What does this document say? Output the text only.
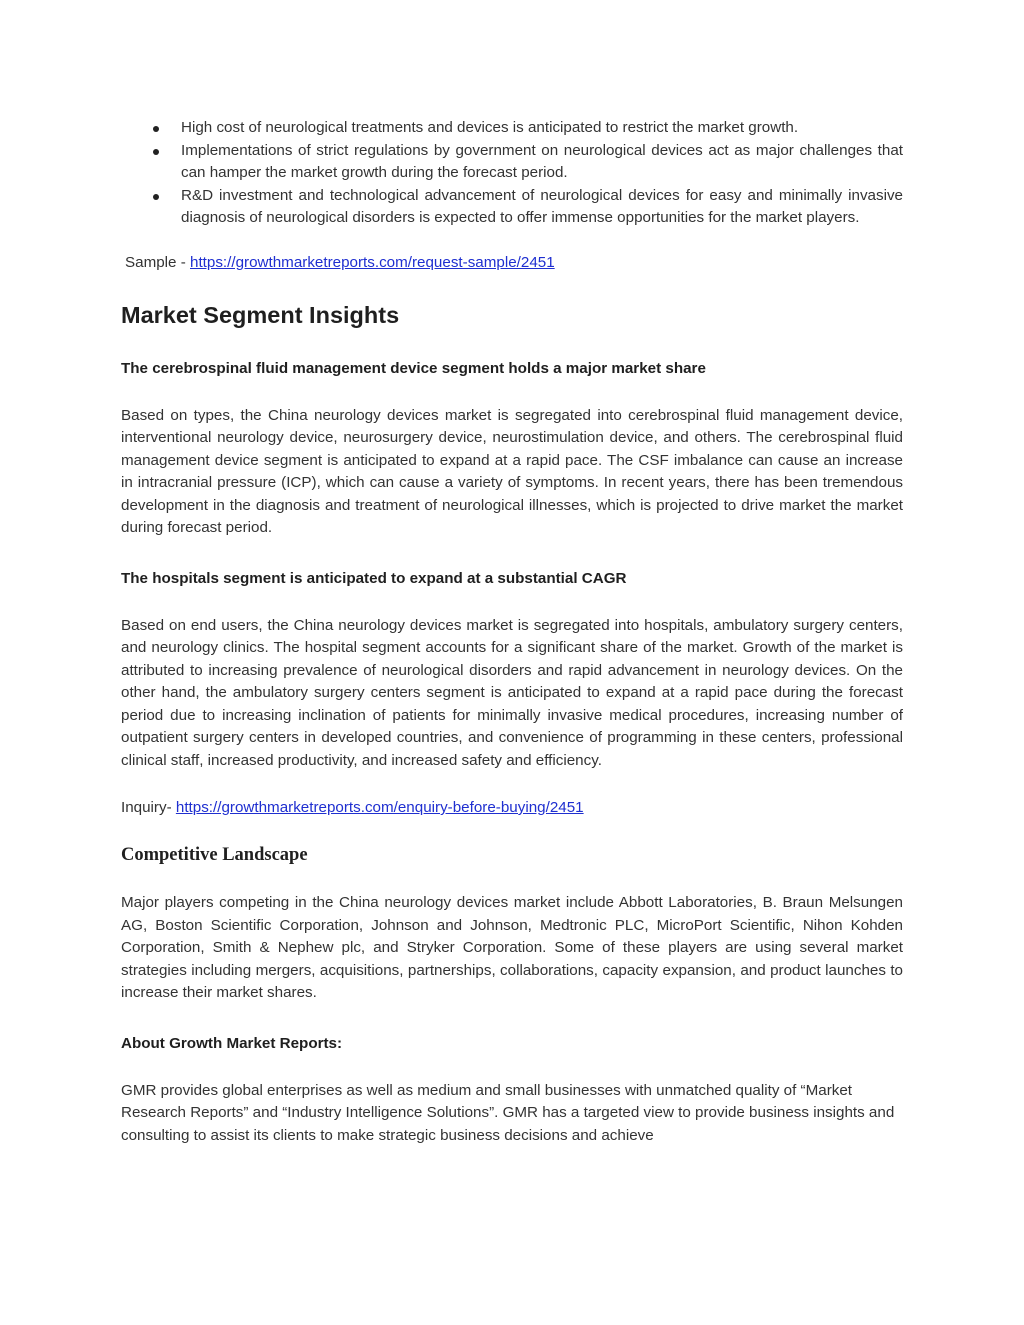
High cost of neurological treatments and devices is anticipated to restrict the market growth.
Implementations of strict regulations by government on neurological devices act as major challenges that can hamper the market growth during the forecast period.
R&D investment and technological advancement of neurological devices for easy and minimally invasive diagnosis of neurological disorders is expected to offer immense opportunities for the market players.

Sample - https://growthmarketreports.com/request-sample/2451

Market Segment Insights

The cerebrospinal fluid management device segment holds a major market share

Based on types, the China neurology devices market is segregated into cerebrospinal fluid management device, interventional neurology device, neurosurgery device, neurostimulation device, and others. The cerebrospinal fluid management device segment is anticipated to expand at a rapid pace. The CSF imbalance can cause an increase in intracranial pressure (ICP), which can cause a variety of symptoms. In recent years, there has been tremendous development in the diagnosis and treatment of neurological illnesses, which is projected to drive market the market during forecast period.

The hospitals segment is anticipated to expand at a substantial CAGR

Based on end users, the China neurology devices market is segregated into hospitals, ambulatory surgery centers, and neurology clinics. The hospital segment accounts for a significant share of the market. Growth of the market is attributed to increasing prevalence of neurological disorders and rapid advancement in neurology devices. On the other hand, the ambulatory surgery centers segment is anticipated to expand at a rapid pace during the forecast period due to increasing inclination of patients for minimally invasive medical procedures, increasing number of outpatient surgery centers in developed countries, and convenience of programming in these centers, professional clinical staff, increased productivity, and increased safety and efficiency.

Inquiry- https://growthmarketreports.com/enquiry-before-buying/2451

Competitive Landscape

Major players competing in the China neurology devices market include Abbott Laboratories, B. Braun Melsungen AG, Boston Scientific Corporation, Johnson and Johnson, Medtronic PLC, MicroPort Scientific, Nihon Kohden Corporation, Smith & Nephew plc, and Stryker Corporation. Some of these players are using several market strategies including mergers, acquisitions, partnerships, collaborations, capacity expansion, and product launches to increase their market shares.

About Growth Market Reports:

GMR provides global enterprises as well as medium and small businesses with unmatched quality of “Market Research Reports” and “Industry Intelligence Solutions”. GMR has a targeted view to provide business insights and consulting to assist its clients to make strategic business decisions and achieve
